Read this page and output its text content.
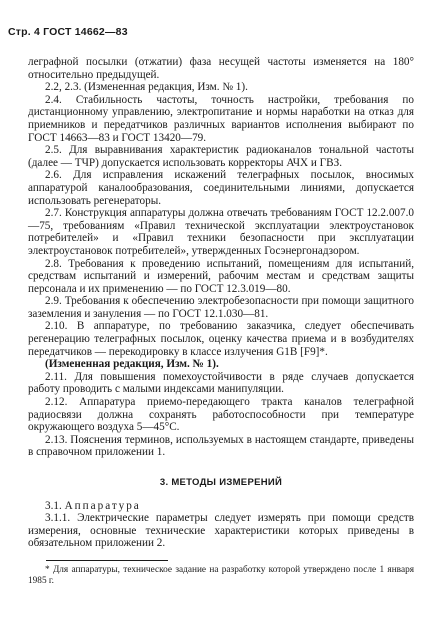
Стр. 4 ГОСТ 14662—83

леграфной посылки (отжатии) фаза несущей частоты изменяется на 180° относительно предыдущей.

2.2, 2.3. (Измененная редакция, Изм. № 1).

2.4. Стабильность частоты, точность настройки, требования по дистанционному управлению, электропитание и нормы наработки на отказ для приемников и передатчиков различных вариантов исполнения выбирают по ГОСТ 14663—83 и ГОСТ 13420—79.

2.5. Для выравнивания характеристик радиоканалов тональной частоты (далее — ТЧР) допускается использовать корректоры АЧХ и ГВЗ.

2.6. Для исправления искажений телеграфных посылок, вносимых аппаратурой каналообразования, соединительными линиями, допускается использовать регенераторы.

2.7. Конструкция аппаратуры должна отвечать требованиям ГОСТ 12.2.007.0—75, требованиям «Правил технической эксплуатации электроустановок потребителей» и «Правил техники безопасности при эксплуатации электроустановок потребителей», утвержденных Госэнергонадзором.

2.8. Требования к проведению испытаний, помещениям для испытаний, средствам испытаний и измерений, рабочим местам и средствам защиты персонала и их применению — по ГОСТ 12.3.019—80.

2.9. Требования к обеспечению электробезопасности при помощи защитного заземления и зануления — по ГОСТ 12.1.030—81.

2.10. В аппаратуре, по требованию заказчика, следует обеспечивать регенерацию телеграфных посылок, оценку качества приема и в возбудителях передатчиков — перекодировку в классе излучения G1B [F9]*.

(Измененная редакция, Изм. № 1).

2.11. Для повышения помехоустойчивости в ряде случаев допускается работу проводить с малыми индексами манипуляции.

2.12. Аппаратура приемо-передающего тракта каналов телеграфной радиосвязи должна сохранять работоспособности при температуре окружающего воздуха 5—45°С.

2.13. Пояснения терминов, используемых в настоящем стандарте, приведены в справочном приложении 1.

3. МЕТОДЫ ИЗМЕРЕНИЙ

3.1. Аппаратура

3.1.1. Электрические параметры следует измерять при помощи средств измерения, основные технические характеристики которых приведены в обязательном приложении 2.

* Для аппаратуры, техническое задание на разработку которой утверждено после 1 января 1985 г.
